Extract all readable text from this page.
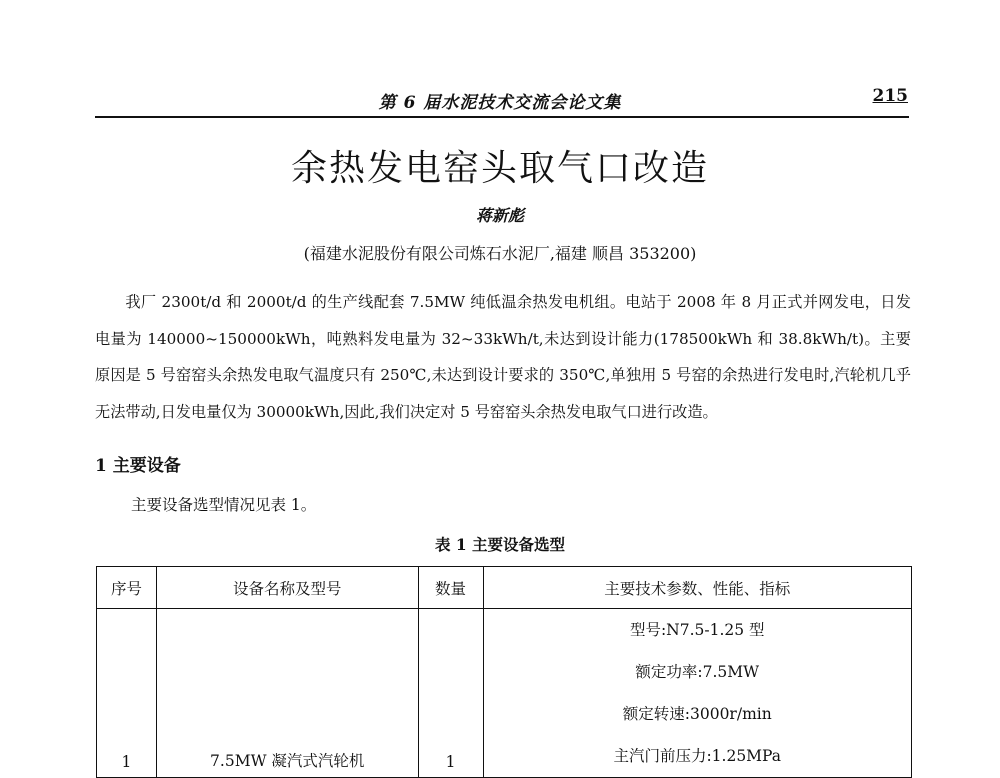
第 6 届水泥技术交流会论文集	215
余热发电窑头取气口改造
蒋新彪
(福建水泥股份有限公司炼石水泥厂,福建 顺昌 353200)

我厂 2300t/d 和 2000t/d 的生产线配套 7.5MW 纯低温余热发电机组。电站于 2008 年 8 月正式并网发电，日发电量为 140000~150000kWh，吨熟料发电量为 32~33kWh/t,未达到设计能力(178500kWh 和 38.8kWh/t)。主要原因是 5 号窑窑头余热发电取气温度只有 250℃,未达到设计要求的 350℃,单独用 5 号窑的余热进行发电时,汽轮机几乎无法带动,日发电量仅为 30000kWh,因此,我们决定对 5 号窑窑头余热发电取气口进行改造。

1 主要设备
主要设备选型情况见表 1。
表 1 主要设备选型
序号	设备名称及型号	数量	主要技术参数、性能、指标
1	7.5MW 凝汽式汽轮机	1	型号:N7.5-1.25 型
额定功率:7.5MW
额定转速:3000r/min
主汽门前压力:1.25MPa
